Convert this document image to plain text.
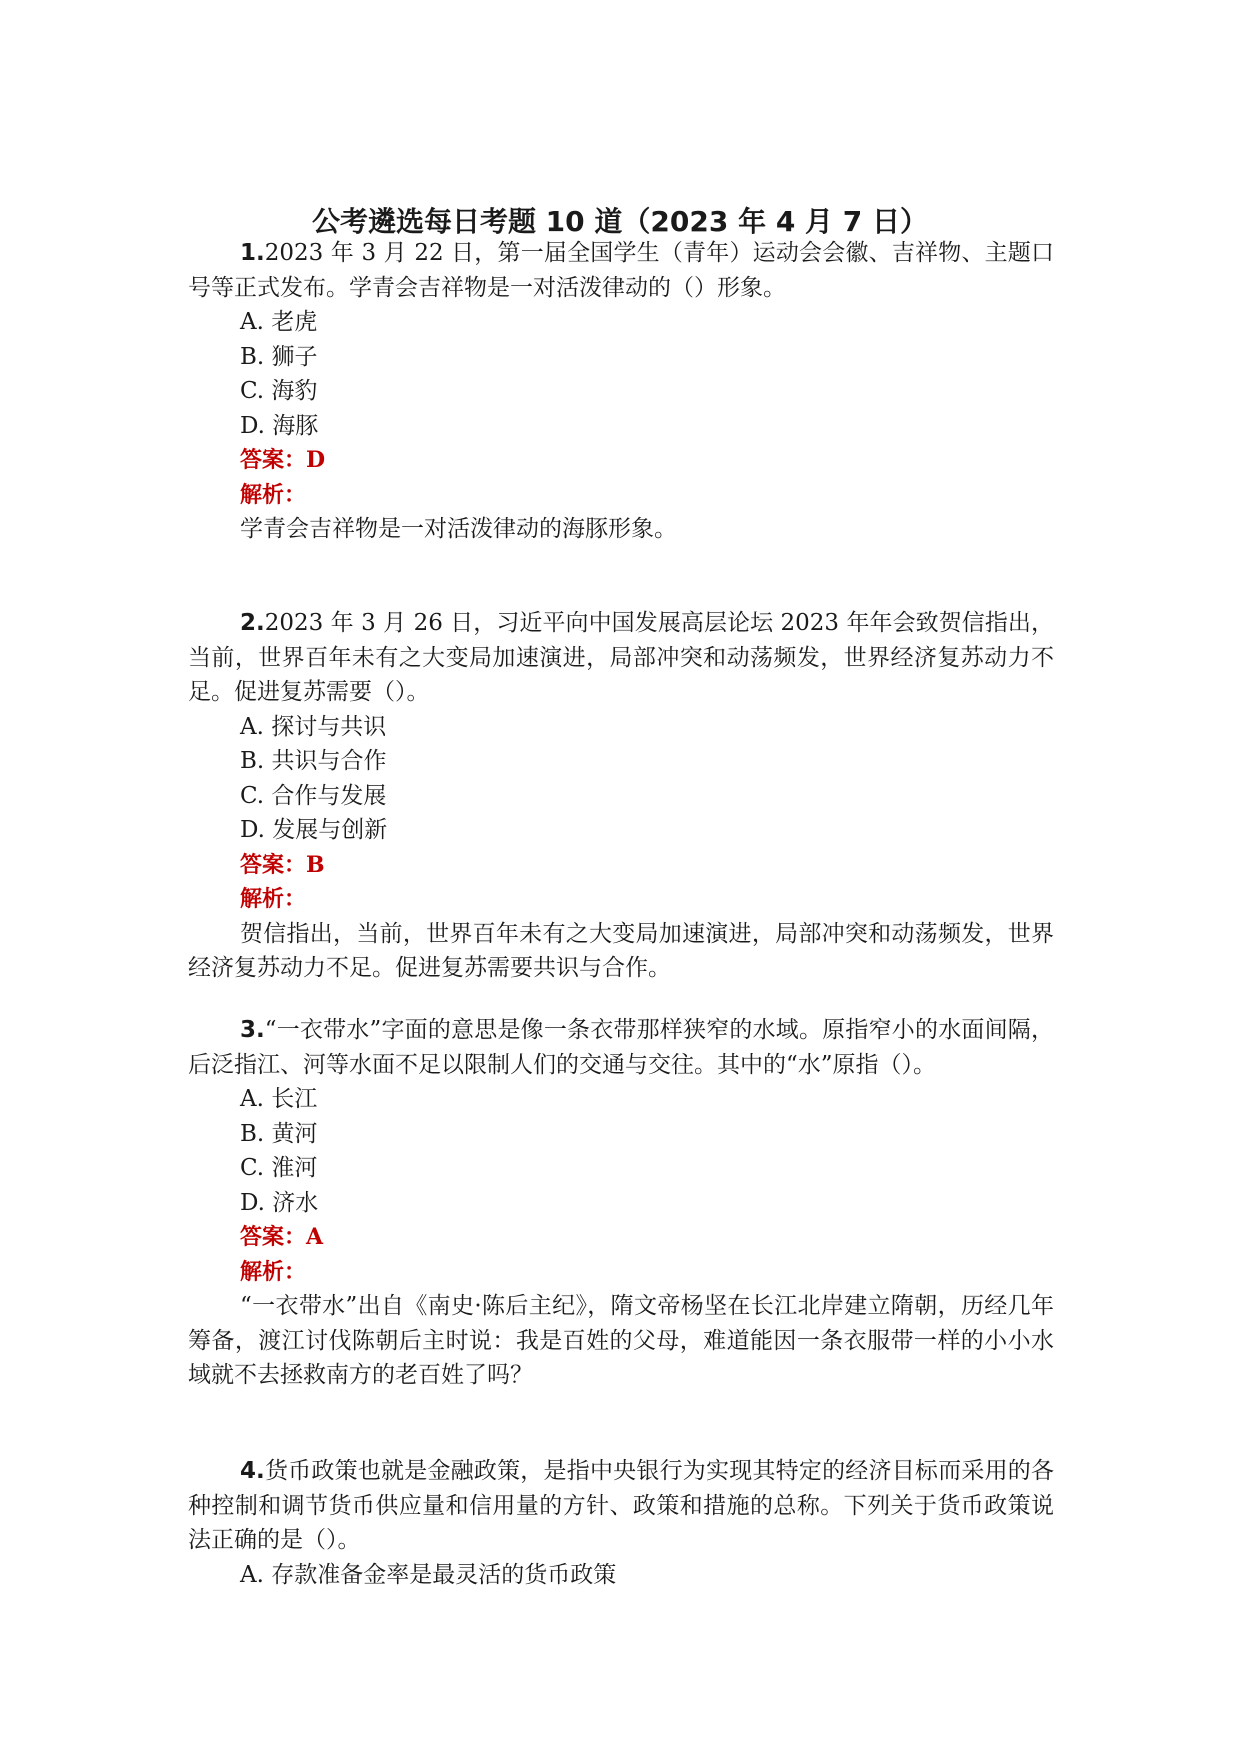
公考遴选每日考题 10 道（2023 年 4 月 7 日）

1.2023 年 3 月 22 日，第一届全国学生（青年）运动会会徽、吉祥物、主题口号等正式发布。学青会吉祥物是一对活泼律动的（）形象。

A. 老虎

B. 狮子

C. 海豹

D. 海豚

答案：D

解析：

学青会吉祥物是一对活泼律动的海豚形象。

2.2023 年 3 月 26 日，习近平向中国发展高层论坛 2023 年年会致贺信指出，当前，世界百年未有之大变局加速演进，局部冲突和动荡频发，世界经济复苏动力不足。促进复苏需要（）。

A. 探讨与共识

B. 共识与合作

C. 合作与发展

D. 发展与创新

答案：B

解析：

贺信指出，当前，世界百年未有之大变局加速演进，局部冲突和动荡频发，世界经济复苏动力不足。促进复苏需要共识与合作。

3.“一衣带水”字面的意思是像一条衣带那样狭窄的水域。原指窄小的水面间隔，后泛指江、河等水面不足以限制人们的交通与交往。其中的“水”原指（）。

A. 长江

B. 黄河

C. 淮河

D. 济水

答案：A

解析：

“一衣带水”出自《南史·陈后主纪》，隋文帝杨坚在长江北岸建立隋朝，历经几年筹备，渡江讨伐陈朝后主时说：我是百姓的父母，难道能因一条衣服带一样的小小水域就不去拯救南方的老百姓了吗？

4.货币政策也就是金融政策，是指中央银行为实现其特定的经济目标而采用的各种控制和调节货币供应量和信用量的方针、政策和措施的总称。下列关于货币政策说法正确的是（）。

A. 存款准备金率是最灵活的货币政策
